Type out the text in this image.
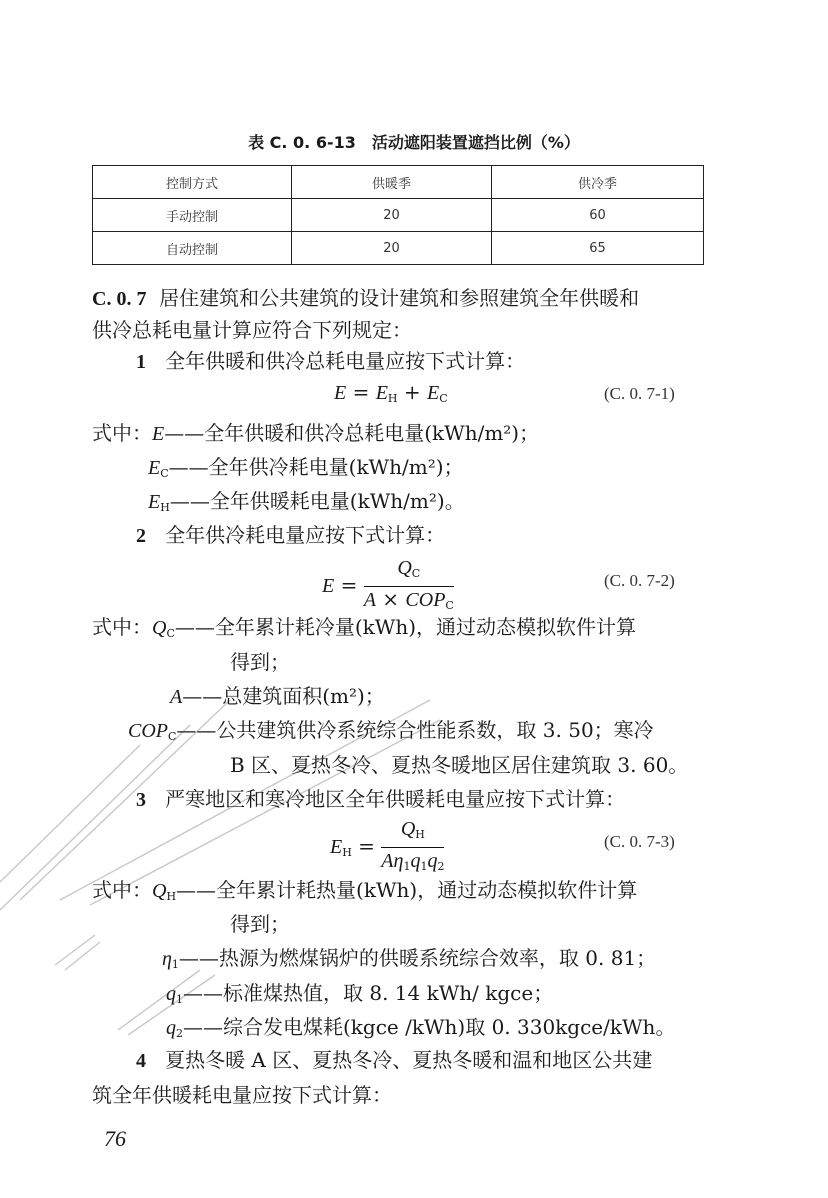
表 C. 0. 6-13　活动遮阳装置遮挡比例（%）
控制方式	供暖季	供冷季
手动控制	20	60
自动控制	20	65
C. 0. 7 居住建筑和公共建筑的设计建筑和参照建筑全年供暖和
供冷总耗电量计算应符合下列规定：
1 全年供暖和供冷总耗电量应按下式计算：
$E = E_H + E_C$	(C. 0. 7-1)
式中：E——全年供暖和供冷总耗电量(kWh/m²)；
$E_C——$全年供冷耗电量(kWh/m²)；
$E_H——$全年供暖耗电量(kWh/m²)。
2 全年供冷耗电量应按下式计算：
$E = \frac{Q_C}{A \times COP_C}$	(C. 0. 7-2)
式中：$Q_C——$全年累计耗冷量(kWh)，通过动态模拟软件计算
得到；
A——总建筑面积(m²)；
$COP_C——$公共建筑供冷系统综合性能系数，取 3. 50；寒冷
B 区、夏热冬冷、夏热冬暖地区居住建筑取 3. 60。
3 严寒地区和寒冷地区全年供暖耗电量应按下式计算：
$E_H = \frac{Q_H}{A\eta_1q_1q_2}$	(C. 0. 7-3)
式中：$Q_H——$全年累计耗热量(kWh)，通过动态模拟软件计算
得到；
$\eta_1——$热源为燃煤锅炉的供暖系统综合效率，取 0. 81；
$q_1——$标准煤热值，取 8. 14 kWh/ kgce；
$q_2——$综合发电煤耗(kgce /kWh)取 0. 330kgce/kWh。
4 夏热冬暖 A 区、夏热冬冷、夏热冬暖和温和地区公共建
筑全年供暖耗电量应按下式计算：
76
